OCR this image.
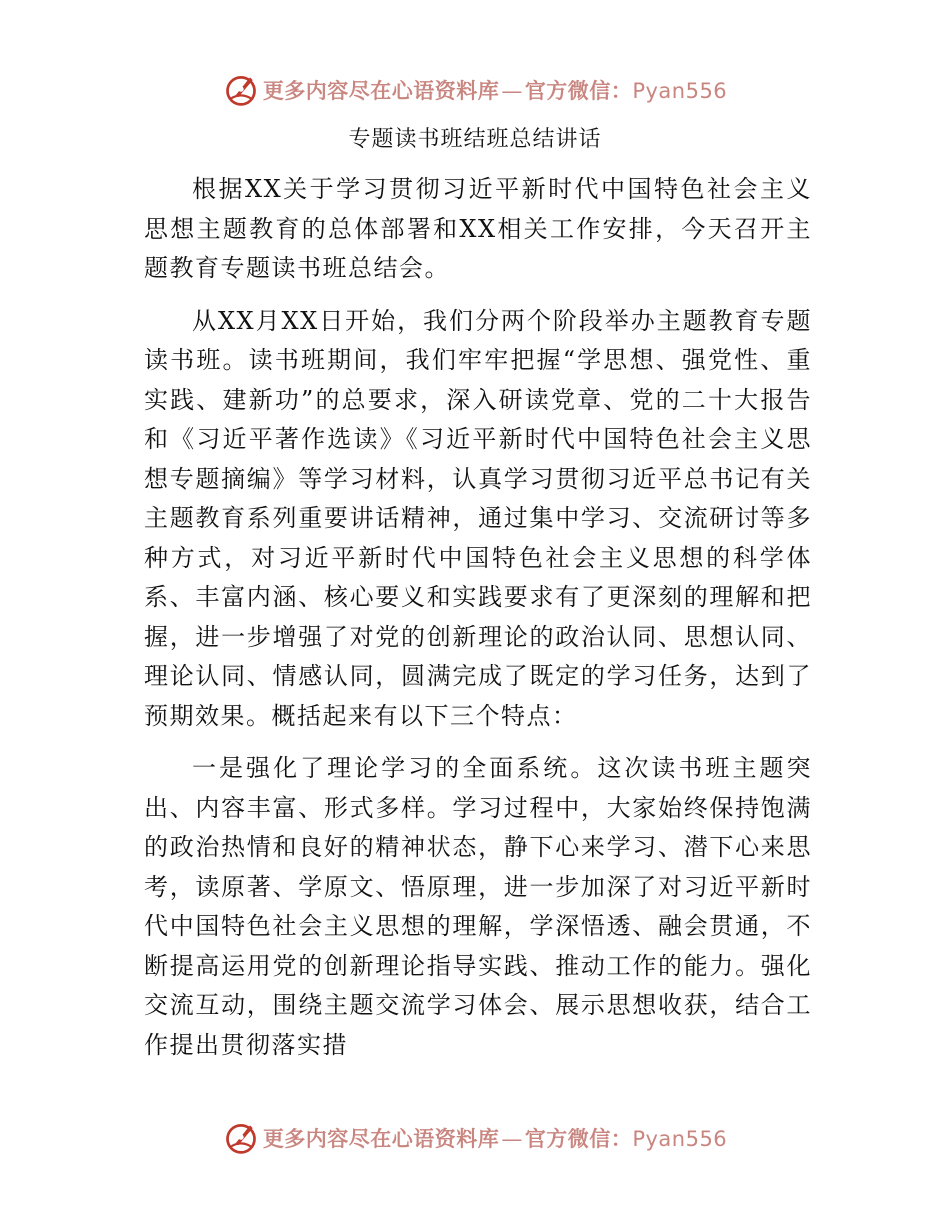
更多内容尽在心语资料库—官方微信：Pyan556
专题读书班结班总结讲话

根据XX关于学习贯彻习近平新时代中国特色社会主义思想主题教育的总体部署和XX相关工作安排，今天召开主题教育专题读书班总结会。

从XX月XX日开始，我们分两个阶段举办主题教育专题读书班。读书班期间，我们牢牢把握“学思想、强党性、重实践、建新功”的总要求，深入研读党章、党的二十大报告和《习近平著作选读》《习近平新时代中国特色社会主义思想专题摘编》等学习材料，认真学习贯彻习近平总书记有关主题教育系列重要讲话精神，通过集中学习、交流研讨等多种方式，对习近平新时代中国特色社会主义思想的科学体系、丰富内涵、核心要义和实践要求有了更深刻的理解和把握，进一步增强了对党的创新理论的政治认同、思想认同、理论认同、情感认同，圆满完成了既定的学习任务，达到了预期效果。概括起来有以下三个特点：

一是强化了理论学习的全面系统。这次读书班主题突出、内容丰富、形式多样。学习过程中，大家始终保持饱满的政治热情和良好的精神状态，静下心来学习、潜下心来思考，读原著、学原文、悟原理，进一步加深了对习近平新时代中国特色社会主义思想的理解，学深悟透、融会贯通，不断提高运用党的创新理论指导实践、推动工作的能力。强化交流互动，围绕主题交流学习体会、展示思想收获，结合工作提出贯彻落实措

更多内容尽在心语资料库—官方微信：Pyan556
